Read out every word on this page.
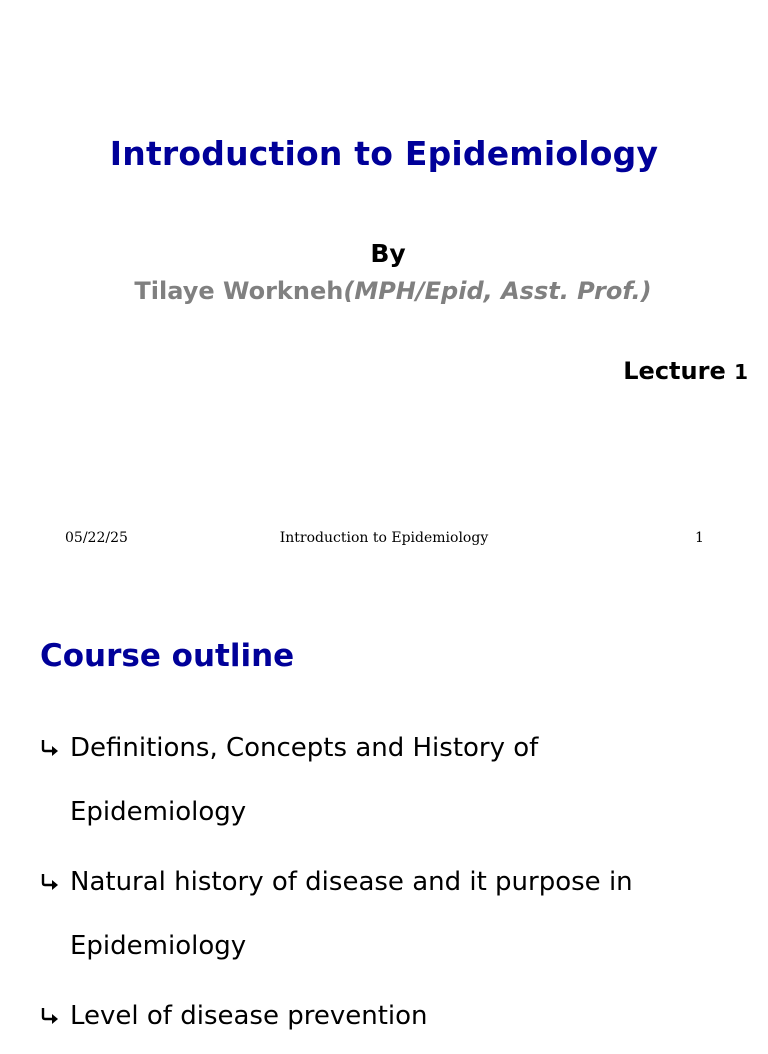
Introduction to Epidemiology
By
Tilaye Workneh(MPH/Epid, Asst. Prof.)
Lecture 1
05/22/25	Introduction to Epidemiology	1
Course outline
Definitions, Concepts and History of Epidemiology
Natural history of disease and it purpose in Epidemiology
Level of disease prevention
